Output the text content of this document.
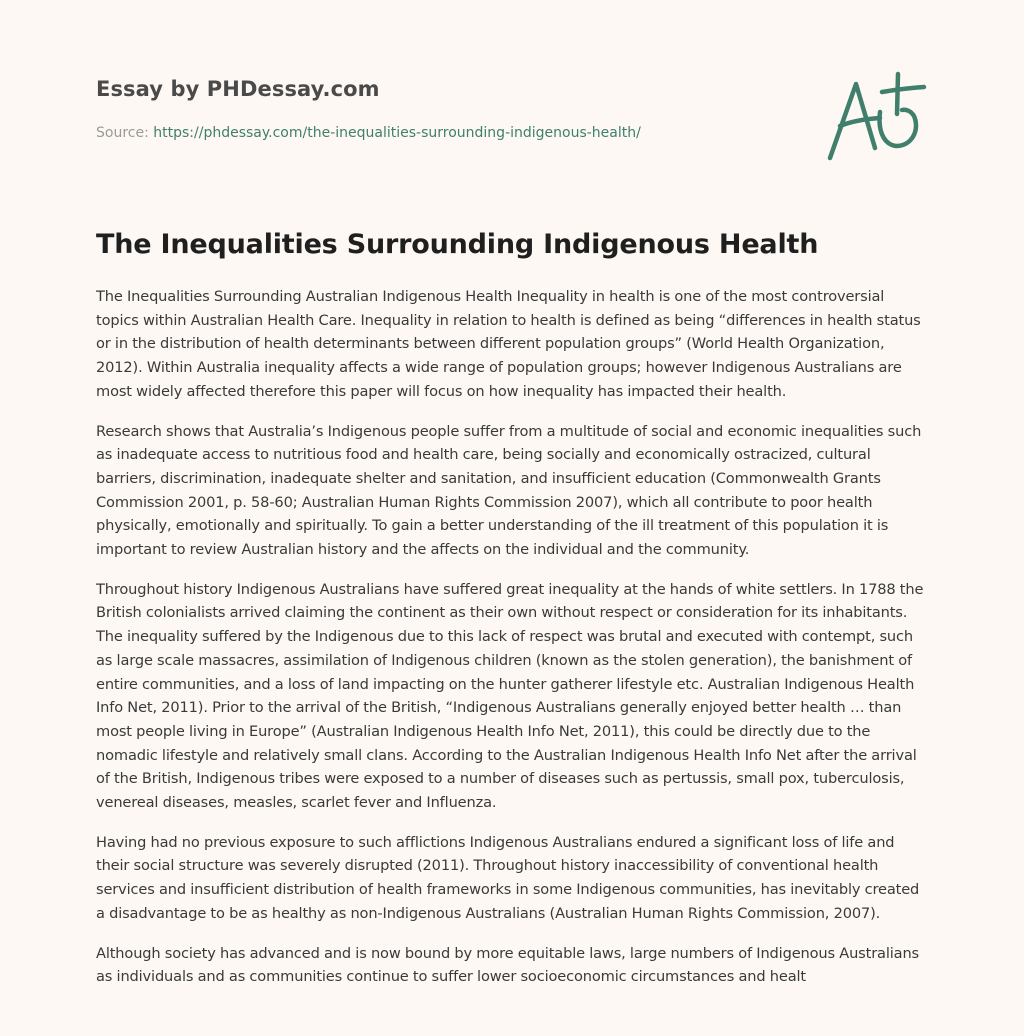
Essay by PHDessay.com
Source: https://phdessay.com/the-inequalities-surrounding-indigenous-health/
The Inequalities Surrounding Indigenous Health

The Inequalities Surrounding Australian Indigenous Health Inequality in health is one of the most controversial topics within Australian Health Care. Inequality in relation to health is defined as being “differences in health status or in the distribution of health determinants between different population groups” (World Health Organization, 2012). Within Australia inequality affects a wide range of population groups; however Indigenous Australians are most widely affected therefore this paper will focus on how inequality has impacted their health.

Research shows that Australia’s Indigenous people suffer from a multitude of social and economic inequalities such as inadequate access to nutritious food and health care, being socially and economically ostracized, cultural barriers, discrimination, inadequate shelter and sanitation, and insufficient education (Commonwealth Grants Commission 2001, p. 58-60; Australian Human Rights Commission 2007), which all contribute to poor health physically, emotionally and spiritually. To gain a better understanding of the ill treatment of this population it is important to review Australian history and the affects on the individual and the community.

Throughout history Indigenous Australians have suffered great inequality at the hands of white settlers. In 1788 the British colonialists arrived claiming the continent as their own without respect or consideration for its inhabitants. The inequality suffered by the Indigenous due to this lack of respect was brutal and executed with contempt, such as large scale massacres, assimilation of Indigenous children (known as the stolen generation), the banishment of entire communities, and a loss of land impacting on the hunter gatherer lifestyle etc. Australian Indigenous Health Info Net, 2011). Prior to the arrival of the British, “Indigenous Australians generally enjoyed better health … than most people living in Europe” (Australian Indigenous Health Info Net, 2011), this could be directly due to the nomadic lifestyle and relatively small clans. According to the Australian Indigenous Health Info Net after the arrival of the British, Indigenous tribes were exposed to a number of diseases such as pertussis, small pox, tuberculosis, venereal diseases, measles, scarlet fever and Influenza.

Having had no previous exposure to such afflictions Indigenous Australians endured a significant loss of life and their social structure was severely disrupted (2011). Throughout history inaccessibility of conventional health services and insufficient distribution of health frameworks in some Indigenous communities, has inevitably created a disadvantage to be as healthy as non-Indigenous Australians (Australian Human Rights Commission, 2007).

Although society has advanced and is now bound by more equitable laws, large numbers of Indigenous Australians as individuals and as communities continue to suffer lower socioeconomic circumstances and healt
